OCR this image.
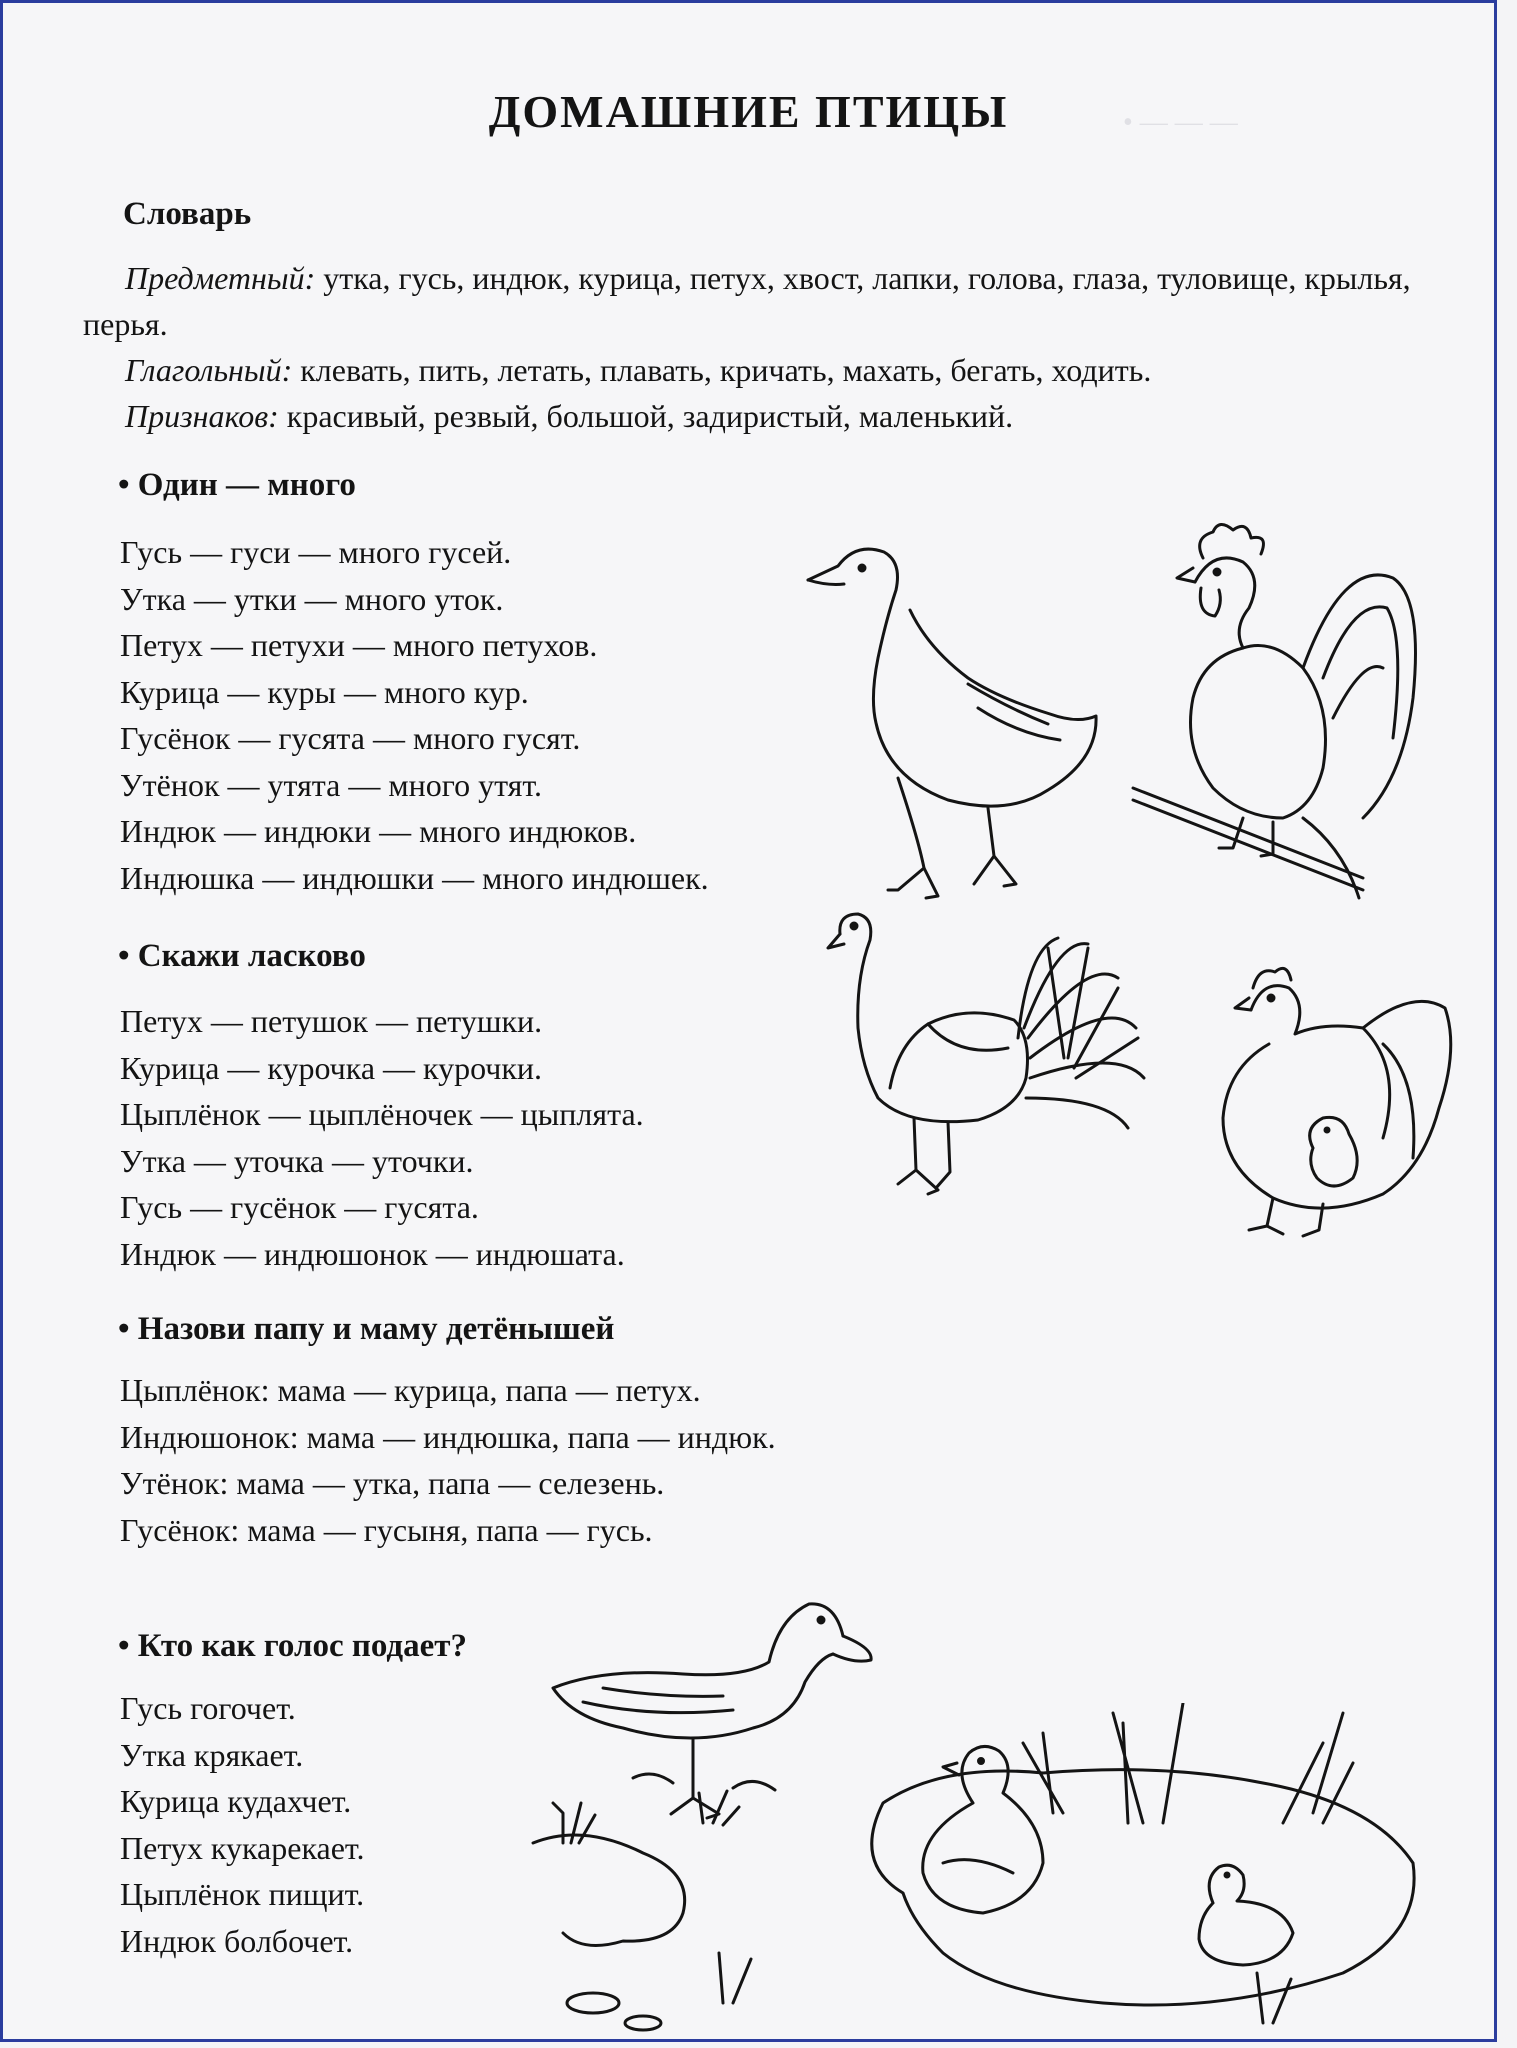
• — — —
ДОМАШНИЕ ПТИЦЫ
Словарь
Предметный: утка, гусь, индюк, курица, петух, хвост, лапки, голова, глаза, туловище, крылья, перья.
Глагольный: клевать, пить, летать, плавать, кричать, махать, бегать, ходить.
Признаков: красивый, резвый, большой, задиристый, маленький.
• Один — много
Гусь — гуси — много гусей.
Утка — утки — много уток.
Петух — петухи — много петухов.
Курица — куры — много кур.
Гусёнок — гусята — много гусят.
Утёнок — утята — много утят.
Индюк — индюки — много индюков.
Индюшка — индюшки — много индюшек.
• Скажи ласково
Петух — петушок — петушки.
Курица — курочка — курочки.
Цыплёнок — цыплёночек — цыплята.
Утка — уточка — уточки.
Гусь — гусёнок — гусята.
Индюк — индюшонок — индюшата.
• Назови папу и маму детёнышей
Цыплёнок: мама — курица, папа — петух.
Индюшонок: мама — индюшка, папа — индюк.
Утёнок: мама — утка, папа — селезень.
Гусёнок: мама — гусыня, папа — гусь.
• Кто как голос подает?
Гусь гогочет.
Утка крякает.
Курица кудахчет.
Петух кукарекает.
Цыплёнок пищит.
Индюк болбочет.
